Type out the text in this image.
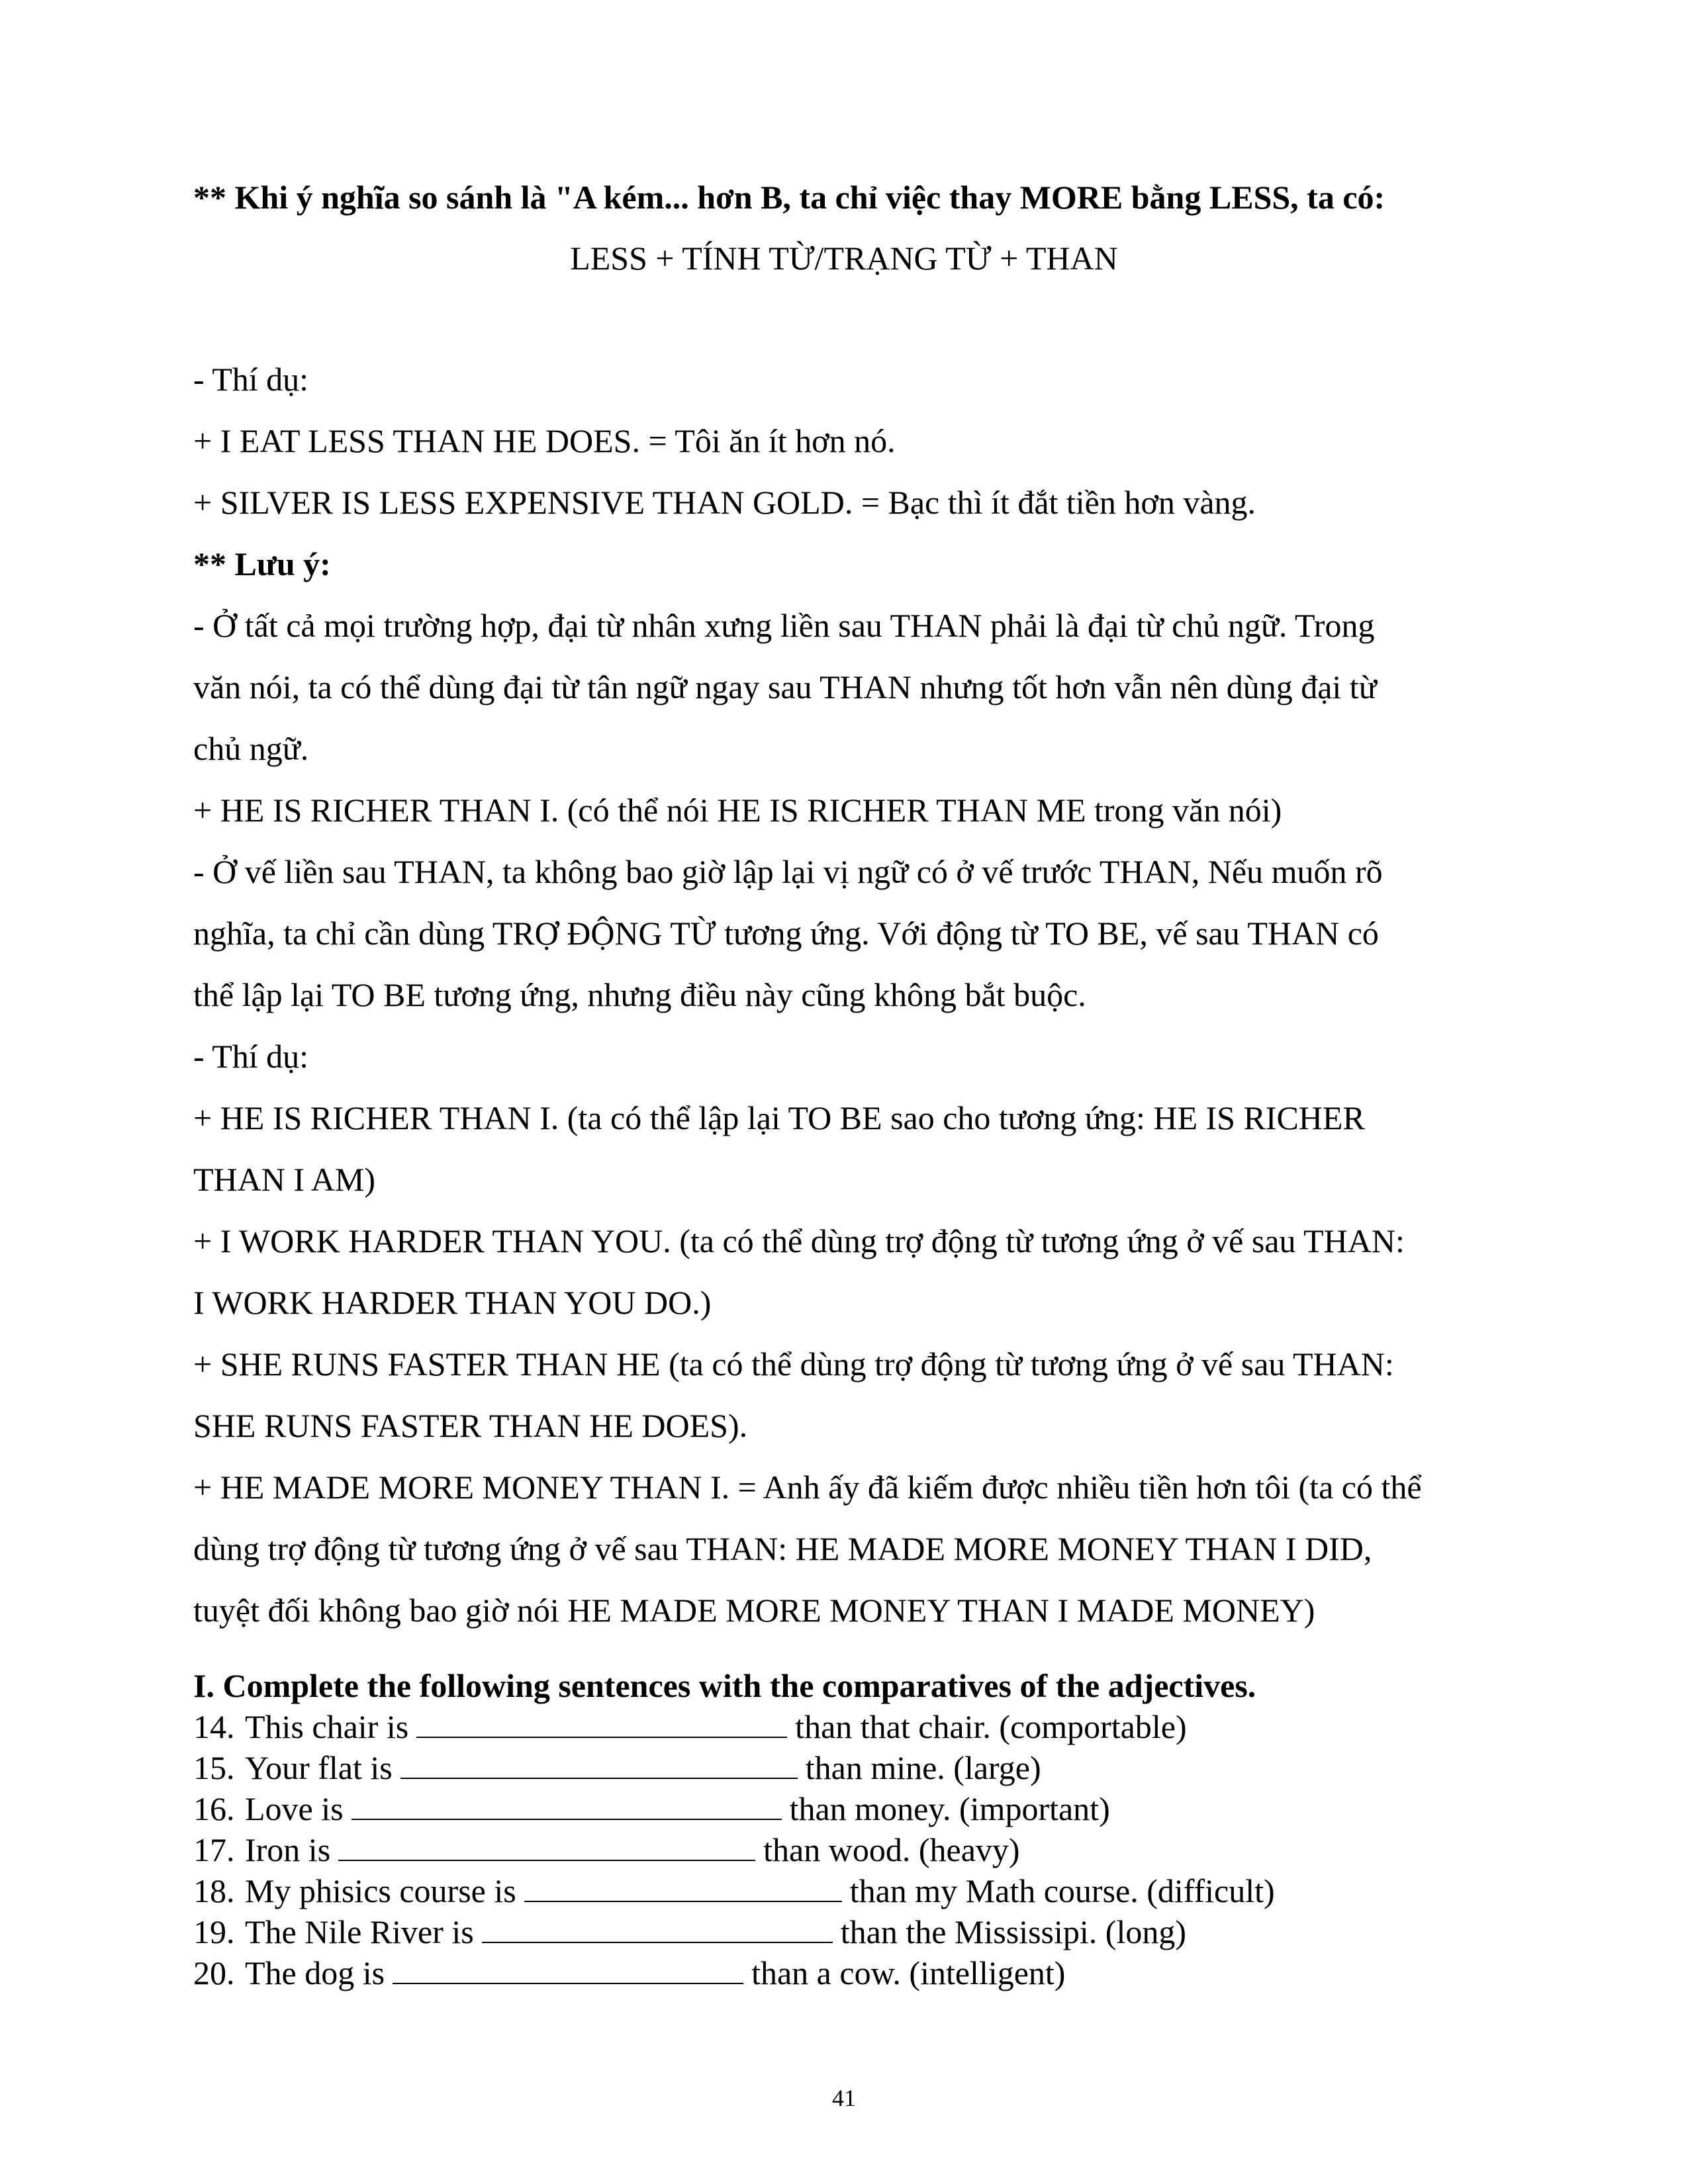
** Khi ý nghĩa so sánh là "A kém... hơn B, ta chỉ việc thay MORE bằng LESS, ta có:
LESS + TÍNH TỪ/TRẠNG TỪ + THAN
- Thí dụ:
+ I EAT LESS THAN HE DOES. = Tôi ăn ít hơn nó.
+ SILVER IS LESS EXPENSIVE THAN GOLD. = Bạc thì ít đắt tiền hơn vàng.
** Lưu ý:
- Ở tất cả mọi trường hợp, đại từ nhân xưng liền sau THAN phải là đại từ chủ ngữ. Trong
văn nói, ta có thể dùng đại từ tân ngữ ngay sau THAN nhưng tốt hơn vẫn nên dùng đại từ
chủ ngữ.
+ HE IS RICHER THAN I. (có thể nói HE IS RICHER THAN ME trong văn nói)
- Ở vế liền sau THAN, ta không bao giờ lập lại vị ngữ có ở vế trước THAN, Nếu muốn rõ
nghĩa, ta chỉ cần dùng TRỢ ĐỘNG TỪ tương ứng. Với động từ TO BE, vế sau THAN có
thể lập lại TO BE tương ứng, nhưng điều này cũng không bắt buộc.
- Thí dụ:
+ HE IS RICHER THAN I. (ta có thể lập lại TO BE sao cho tương ứng: HE IS RICHER
THAN I AM)
+ I WORK HARDER THAN YOU. (ta có thể dùng trợ động từ tương ứng ở vế sau THAN:
I WORK HARDER THAN YOU DO.)
+ SHE RUNS FASTER THAN HE (ta có thể dùng trợ động từ tương ứng ở vế sau THAN:
SHE RUNS FASTER THAN HE DOES).
+ HE MADE MORE MONEY THAN I. = Anh ấy đã kiếm được nhiều tiền hơn tôi (ta có thể
dùng trợ động từ tương ứng ở vế sau THAN: HE MADE MORE MONEY THAN I DID,
tuyệt đối không bao giờ nói HE MADE MORE MONEY THAN I MADE MONEY)
I. Complete the following sentences with the comparatives of the adjectives.
14. This chair is	than that chair. (comportable)
15. Your flat is	than mine. (large)
16. Love is	than money. (important)
17. Iron is	than wood. (heavy)
18. My phisics course is	than my Math course. (difficult)
19. The Nile River is	than the Mississipi. (long)
20. The dog is	than a cow. (intelligent)
41
